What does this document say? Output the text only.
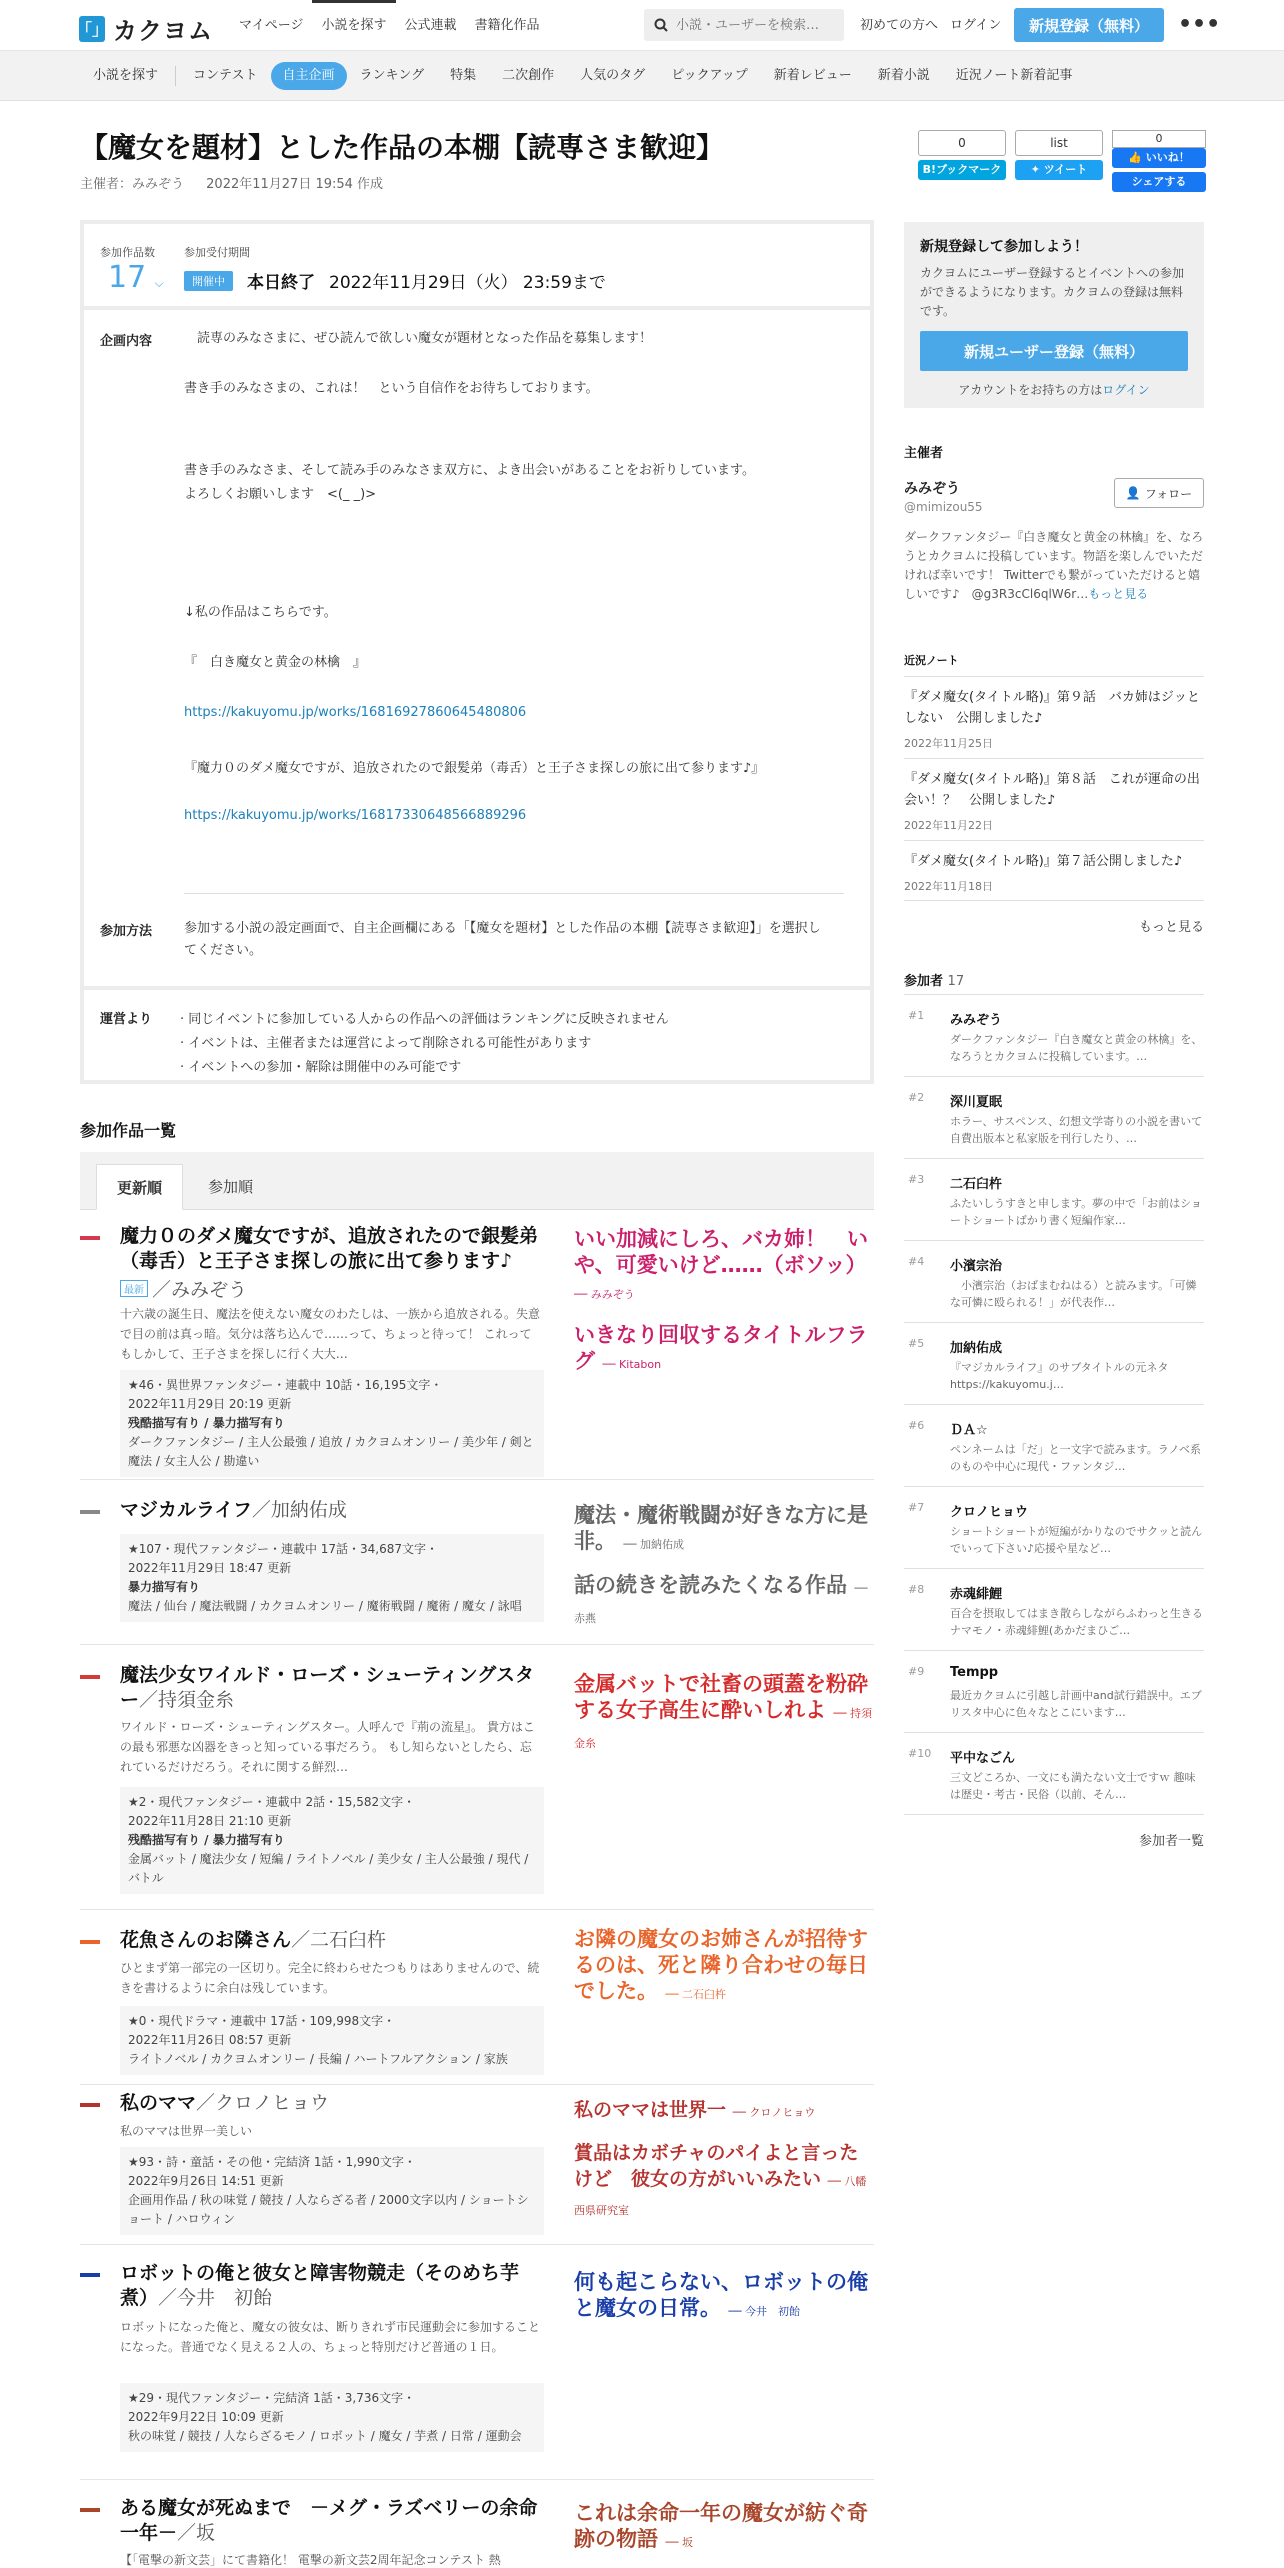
「」 カクヨム	マイページ	小説を探す	公式連載	書籍化作品
小説・ユーザーを検索…	初めての方へ ログイン	新規登録（無料）	•••
小説を探す	コンテスト	自主企画	ランキング	特集	二次創作	人気のタグ	ピックアップ	新着レビュー	新着小説	近況ノート新着記事
【魔女を題材】とした作品の本棚【読専さま歓迎】
主催者：みみぞう 2022年11月27日 19:54 作成
参加作品数
17 ⌵
参加受付期間
開催中	本日終了 2022年11月29日（火） 23:59まで
企画内容 　読専のみなさまに、ぜひ読んで欲しい魔女が題材となった作品を募集します！
書き手のみなさまの、これは！　という自信作をお待ちしております。
書き手のみなさま、そして読み手のみなさま双方に、よき出会いがあることをお祈りしています。
よろしくお願いします　<(_ _)>
↓私の作品はこちらです。
『　白き魔女と黄金の林檎　』
https://kakuyomu.jp/works/16816927860645480806
『魔力０のダメ魔女ですが、追放されたので銀髪弟（毒舌）と王子さま探しの旅に出て参ります♪』
https://kakuyomu.jp/works/16817330648566889296
参加方法 参加する小説の設定画面で、自主企画欄にある「【魔女を題材】とした作品の本棚【読専さま歓迎】」を選択してください。
運営より · 同じイベントに参加している人からの作品への評価はランキングに反映されません
· イベントは、主催者または運営によって削除される可能性があります
· イベントへの参加・解除は開催中のみ可能です
参加作品一覧
更新順	参加順
魔力０のダメ魔女ですが、追放されたので銀髪弟（毒舌）と王子さま探しの旅に出て参ります♪
最新 ／みみぞう
十六歳の誕生日、魔法を使えない魔女のわたしは、一族から追放される。失意で目の前は真っ暗。気分は落ち込んで……って、ちょっと待って！ これってもしかして、王子さまを探しに行く大大…
★46・異世界ファンタジー・連載中 10話・16,195文字・
2022年11月29日 20:19 更新
残酷描写有り / 暴力描写有り
ダークファンタジー / 主人公最強 / 追放 / カクヨムオンリー / 美少年 / 剣と魔法 / 女主人公 / 勘違い
いい加減にしろ、バカ姉！　いや、可愛いけど……（ボソッ） ── みみぞう
いきなり回収するタイトルフラグ ── Kitabon
マジカルライフ／加納佑成
★107・現代ファンタジー・連載中 17話・34,687文字・
2022年11月29日 18:47 更新
暴力描写有り
魔法 / 仙台 / 魔法戦闘 / カクヨムオンリー / 魔術戦闘 / 魔術 / 魔女 / 詠唱
魔法・魔術戦闘が好きな方に是非。 ── 加納佑成
話の続きを読みたくなる作品 ── 赤燕
魔法少女ワイルド・ローズ・シューティングスター／持須金糸
ワイルド・ローズ・シューティングスター。人呼んで『荊の流星』。 貴方はこの最も邪悪な凶器をきっと知っている事だろう。 もし知らないとしたら、忘れているだけだろう。それに関する鮮烈…
★2・現代ファンタジー・連載中 2話・15,582文字・
2022年11月28日 21:10 更新
残酷描写有り / 暴力描写有り
金属バット / 魔法少女 / 短編 / ライトノベル / 美少女 / 主人公最強 / 現代 / バトル
金属バットで社畜の頭蓋を粉砕する女子高生に酔いしれよ ── 持須金糸
花魚さんのお隣さん／二石臼杵
ひとまず第一部完の一区切り。完全に終わらせたつもりはありませんので、続きを書けるように余白は残しています。
★0・現代ドラマ・連載中 17話・109,998文字・
2022年11月26日 08:57 更新
ライトノベル / カクヨムオンリー / 長編 / ハートフルアクション / 家族
お隣の魔女のお姉さんが招待するのは、死と隣り合わせの毎日でした。 ── 二石臼杵
私のママ／クロノヒョウ
私のママは世界一美しい
★93・詩・童話・その他・完結済 1話・1,990文字・
2022年9月26日 14:51 更新
企画用作品 / 秋の味覚 / 競技 / 人ならざる者 / 2000文字以内 / ショートショート / ハロウィン
私のママは世界一 ── クロノヒョウ
賞品はカボチャのパイよと言ったけど　彼女の方がいいみたい ── 八幡西県研究室
ロボットの俺と彼女と障害物競走（そのめち芋煮）／今井　初飴
ロボットになった俺と、魔女の彼女は、断りきれず市民運動会に参加することになった。普通でなく見える２人の、ちょっと特別だけど普通の１日。
★29・現代ファンタジー・完結済 1話・3,736文字・
2022年9月22日 10:09 更新
秋の味覚 / 競技 / 人ならざるモノ / ロボット / 魔女 / 芋煮 / 日常 / 運動会
何も起こらない、ロボットの俺と魔女の日常。 ── 今井　初飴
ある魔女が死ぬまで　－メグ・ラズベリーの余命一年－／坂
【「電撃の新文芸」にて書籍化！ 電撃の新文芸2周年記念コンテスト 熱
これは余命一年の魔女が紡ぐ奇跡の物語 ── 坂
0
B!ブックマーク
list
✦ ツイート
0
👍 いいね！
シェアする
新規登録して参加しよう！

カクヨムにユーザー登録するとイベントへの参加ができるようになります。カクヨムの登録は無料です。

新規ユーザー登録（無料）
アカウントをお持ちの方はログイン
主催者
みみぞう
@mimizou55
👤 フォロー
ダークファンタジー『白き魔女と黄金の林檎』を、なろうとカクヨムに投稿しています。物語を楽しんでいただければ幸いです！ Twitterでも繋がっていただけると嬉しいです♪　@g3R3cCl6qlW6r…もっと見る
近況ノート
『ダメ魔女(タイトル略)』第９話　バカ姉はジッとしない　公開しました♪
2022年11月25日
『ダメ魔女(タイトル略)』第８話　これが運命の出会い！？　公開しました♪
2022年11月22日
『ダメ魔女(タイトル略)』第７話公開しました♪
2022年11月18日
もっと見る
参加者 17
#1 みみぞう
ダークファンタジー『白き魔女と黄金の林檎』を、なろうとカクヨムに投稿しています。…
#2 深川夏眠
ホラー、サスペンス、幻想文学寄りの小説を書いて自費出版本と私家版を刊行したり、…
#3 二石臼杵
ふたいしうすきと申します。夢の中で「お前はショートショートばかり書く短編作家…
#4 小濱宗治
　小濱宗治（おばまむねはる）と読みます。「可憐な可憐に殴られる！」が代表作…
#5 加納佑成
『マジカルライフ』のサブタイトルの元ネタ https://kakuyomu.j…
#6 ＤＡ☆
ペンネームは「だ」と一文字で読みます。ラノベ系のものや中心に現代・ファンタジ…
#7 クロノヒョウ
ショートショートが短編がかりなのでサクッと読んでいって下さい♪応援や星など…
#8 赤魂緋鯉
百合を摂取してはまき散らしながらふわっと生きるナマモノ・赤魂緋鯉(あかだまひご…
#9 Tempp
最近カクヨムに引越し計画中and試行錯誤中。エブリスタ中心に色々なとこにいます…
#10 平中なごん
三文どころか、一文にも満たない文士ですｗ 趣味は歴史・考古・民俗（以前、そん…
参加者一覧
